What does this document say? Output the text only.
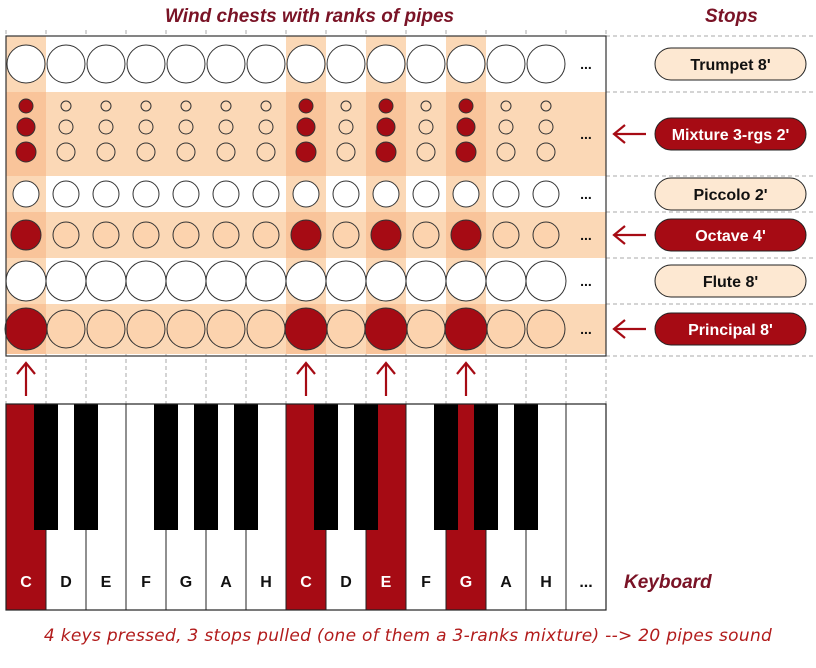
Wind chests with ranks of pipes	Stops
Keyboard
...
...
...
...
...
...
C D E F G A H C D E F G A H ...
Trumpet 8'
Mixture 3-rgs 2'
Piccolo 2'
Octave 4'
Flute 8'
Principal 8'
4 keys pressed, 3 stops pulled (one of them a 3-ranks mixture) --> 20 pipes sound
